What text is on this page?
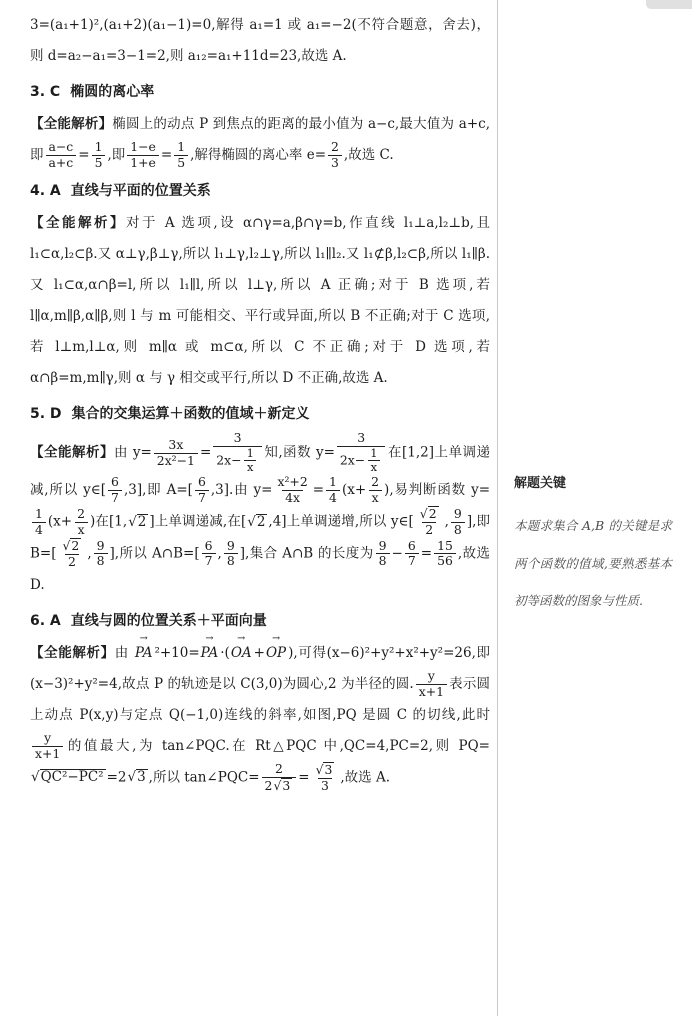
3=(a₁+1)²,(a₁+2)(a₁−1)=0,解得 a₁=1 或 a₁=−2(不符合题意，舍去)，则 d=a₂−a₁=3−1=2,则 a₁₂=a₁+11d=23,故选 A.
3. C 椭圆的离心率
【全能解析】椭圆上的动点 P 到焦点的距离的最小值为 a−c,最大值为 a+c,即 $\frac{a-c}{a+c} = \frac{1}{5}$ ,即 $\frac{1-e}{1+e} = \frac{1}{5}$ ,解得椭圆的离心率 $e= \frac{2}{3}$ ,故选 C.
4. A 直线与平面的位置关系
【全能解析】对于 A 选项,设 α∩γ=a,β∩γ=b,作直线 l₁⊥a,l₂⊥b,且 l₁⊂α,l₂⊂β.又 α⊥γ,β⊥γ,所以 l₁⊥γ,l₂⊥γ,所以 l₁∥l₂.又 l₁⊄β,l₂⊂β,所以 l₁∥β.又 l₁⊂α,α∩β=l,所以 l₁∥l,所以 l⊥γ,所以 A 正确;对于 B 选项,若 l∥α,m∥β,α∥β,则 l 与 m 可能相交、平行或异面,所以 B 不正确;对于 C 选项,若 l⊥m,l⊥α,则 m∥α 或 m⊂α,所以 C 不正确;对于 D 选项,若 α∩β=m,m∥γ,则 α 与 γ 相交或平行,所以 D 不正确,故选 A.
5. D 集合的交集运算＋函数的值域＋新定义
【全能解析】由 $y= \frac{3x}{\text{2x²−1}} = \frac{3}{2x- \frac{1}{x}}$ 知,函数 $y= \frac{3}{2x- \frac{1}{x}}$ 在[1,2]上单调递减,所以 y∈[ $\frac{6}{7} ,3$],即 $A=[ \frac{6}{7} ,3]$.由 $y= \frac{\text{x²+2}}{4x} = \frac{1}{4} (x+ \frac{2}{x}$ ),易判断函数 y=
$\frac{1}{4} (x+ \frac{2}{x}$ )在[1, √ 2 ]上单调递减,在[ √ 2 ,4]上单调递增,所以 y∈[ $\frac{√ 2}{2}$ , $\frac{9}{8}$ ],即 $B=[ \frac{√ 2}{2}$ , $\frac{9}{8}$ ],所以 A∩B=[ $\frac{6}{7}$ , $\frac{9}{8}$ ],集合 A∩B 的长度为 $\frac{9}{8} - \frac{6}{7} = \frac{15}{56}$ ,故选 D.
6. A 直线与圆的位置关系＋平面向量
【全能解析】由 PA → ²+10=PA → ·(OA → +OP → ),可得(x−6)²+y²+x²+y²=26,即(x−3)²+y²=4,故点 P 的轨迹是以 C(3,0)为圆心,2 为半径的圆. $\frac{y}{x+1}$ 表示圆上动点 P(x,y)与定点 Q(−1,0)连线的斜率,如图,PQ 是圆 C 的切线,此时
$\frac{y}{x+1}$ 的值最大,为 tan∠PQC.在 Rt△PQC 中,QC=4,PC=2,则 PQ=
√ QC²−PC² =2 √ 3 ,所以 tan∠PQC= $\frac{2}{2 √ 3} = \frac{√ 3}{3}$ ,故选 A.
解题关键
本题求集合 A,B 的关键是求两个函数的值域,要熟悉基本初等函数的图象与性质.
